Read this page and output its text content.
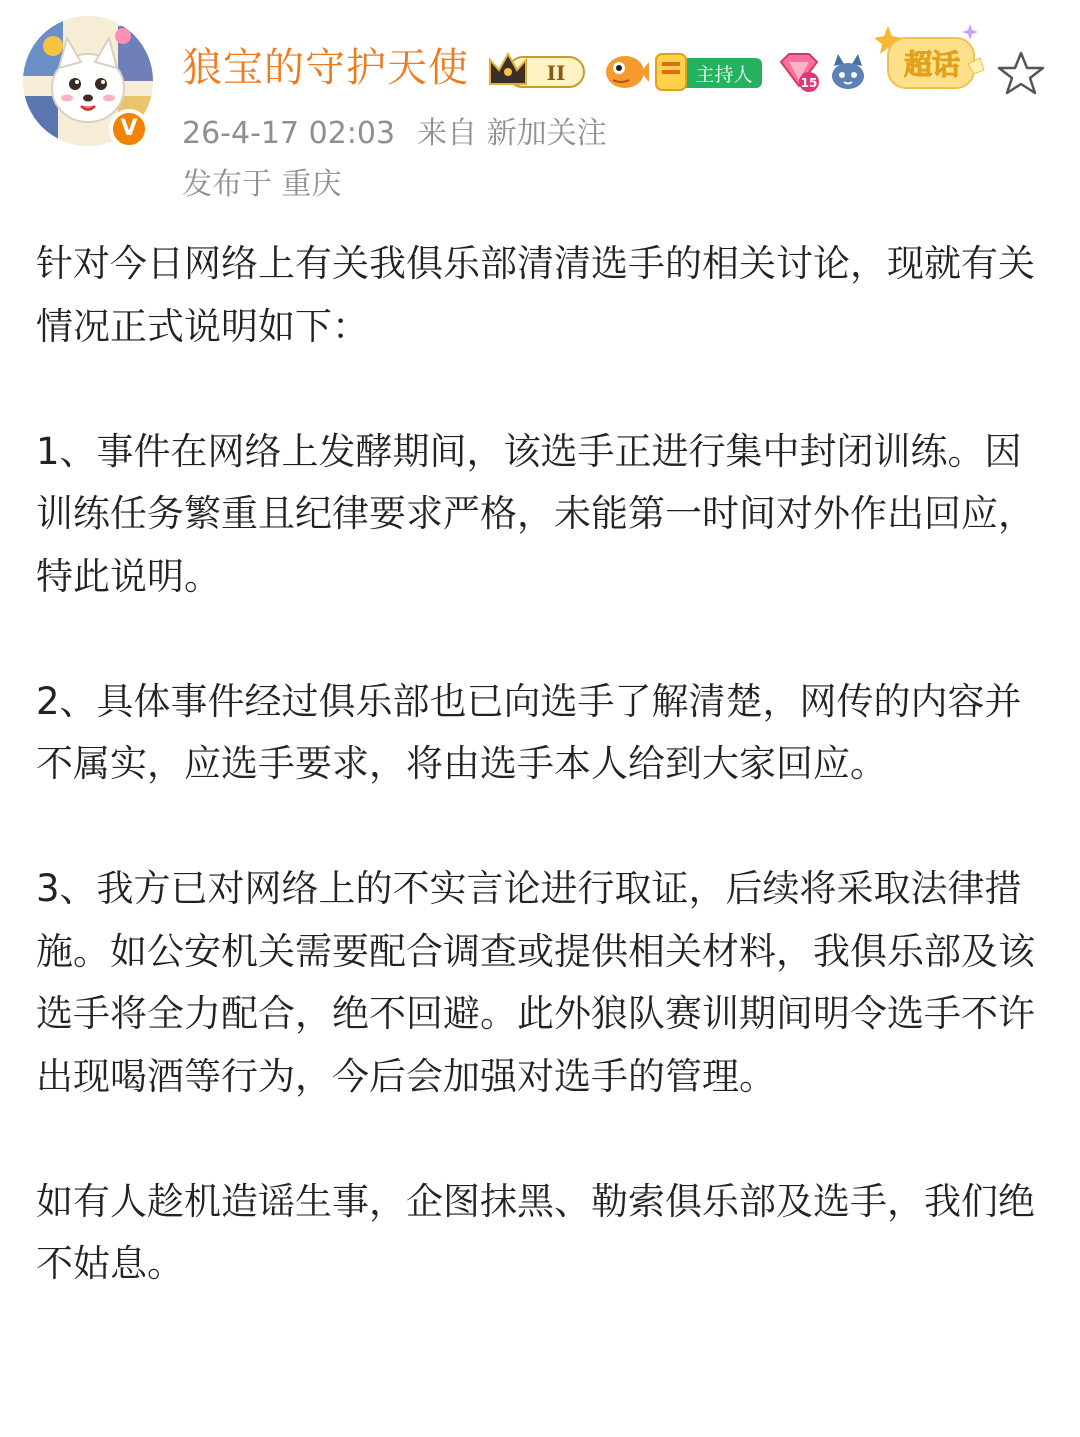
V
狼宝的守护天使	II	主持人	15
超话
26-4-17 02:03 来自 新加关注
发布于 重庆

针对今日网络上有关我俱乐部清清选手的相关讨论，现就有关情况正式说明如下：

1、事件在网络上发酵期间，该选手正进行集中封闭训练。因训练任务繁重且纪律要求严格，未能第一时间对外作出回应，特此说明。

2、具体事件经过俱乐部也已向选手了解清楚，网传的内容并不属实，应选手要求，将由选手本人给到大家回应。

3、我方已对网络上的不实言论进行取证，后续将采取法律措施。如公安机关需要配合调查或提供相关材料，我俱乐部及该选手将全力配合，绝不回避。此外狼队赛训期间明令选手不许出现喝酒等行为，今后会加强对选手的管理。

如有人趁机造谣生事，企图抹黑、勒索俱乐部及选手，我们绝不姑息。
